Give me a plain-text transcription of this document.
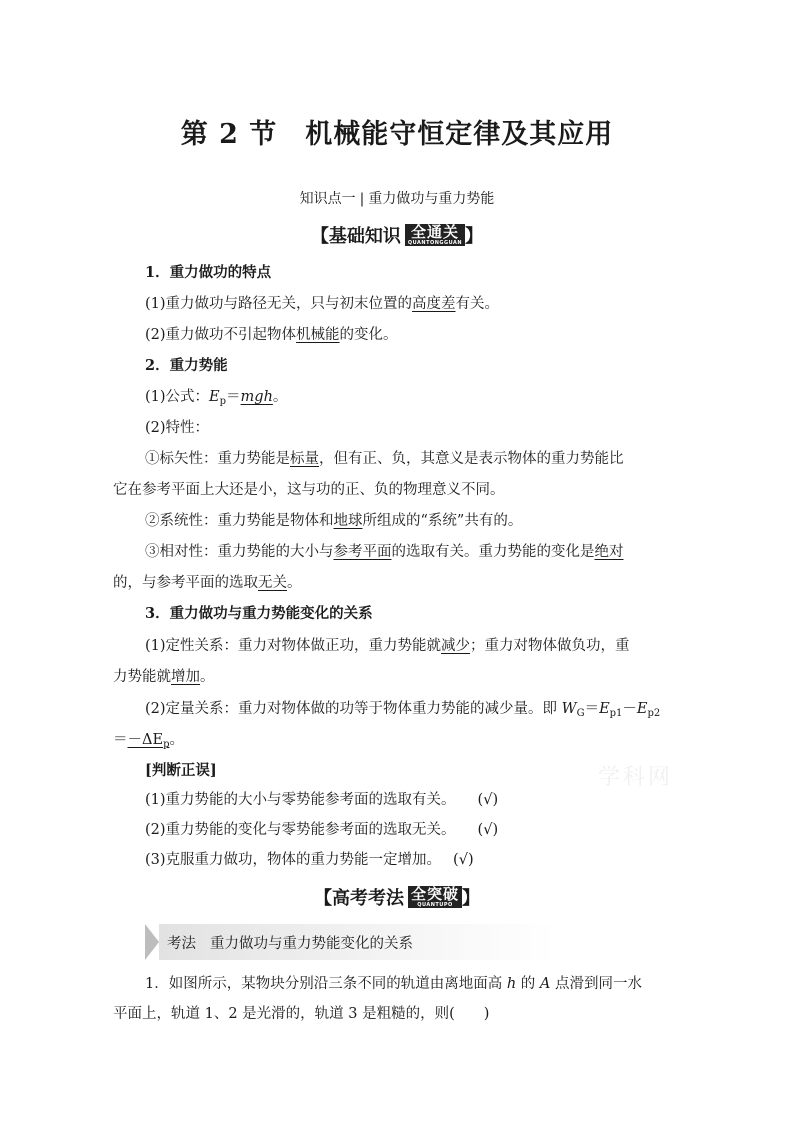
第 2 节　机械能守恒定律及其应用
知识点一 | 重力做功与重力势能
【 基础知识 全通关
QUANTONGGUAN 】
1．重力做功的特点
(1)重力做功与路径无关，只与初末位置的高度差有关。
(2)重力做功不引起物体机械能的变化。
2．重力势能
(1)公式：$E_p=mgh$。
(2)特性：
①标矢性：重力势能是标量，但有正、负，其意义是表示物体的重力势能比
它在参考平面上大还是小，这与功的正、负的物理意义不同。
②系统性：重力势能是物体和地球所组成的“系统”共有的。
③相对性：重力势能的大小与参考平面的选取有关。重力势能的变化是绝对
的，与参考平面的选取无关。
3．重力做功与重力势能变化的关系
(1)定性关系：重力对物体做正功，重力势能就减少；重力对物体做负功，重
力势能就增加。
(2)定量关系：重力对物体做的功等于物体重力势能的减少量。即 $W_G=E_{p1}-E_{p2}$
$=-\Delta E_p$。
[判断正误]
(1)重力势能的大小与零势能参考面的选取有关。 (√)
(2)重力势能的变化与零势能参考面的选取无关。 (√)
(3)克服重力做功，物体的重力势能一定增加。 (√)
学科网
【 高考考法 全突破
QUANTUPO 】
考法 重力做功与重力势能变化的关系
1．如图所示，某物块分别沿三条不同的轨道由离地面高 h 的 A 点滑到同一水
平面上，轨道 1、2 是光滑的，轨道 3 是粗糙的，则(　　)
